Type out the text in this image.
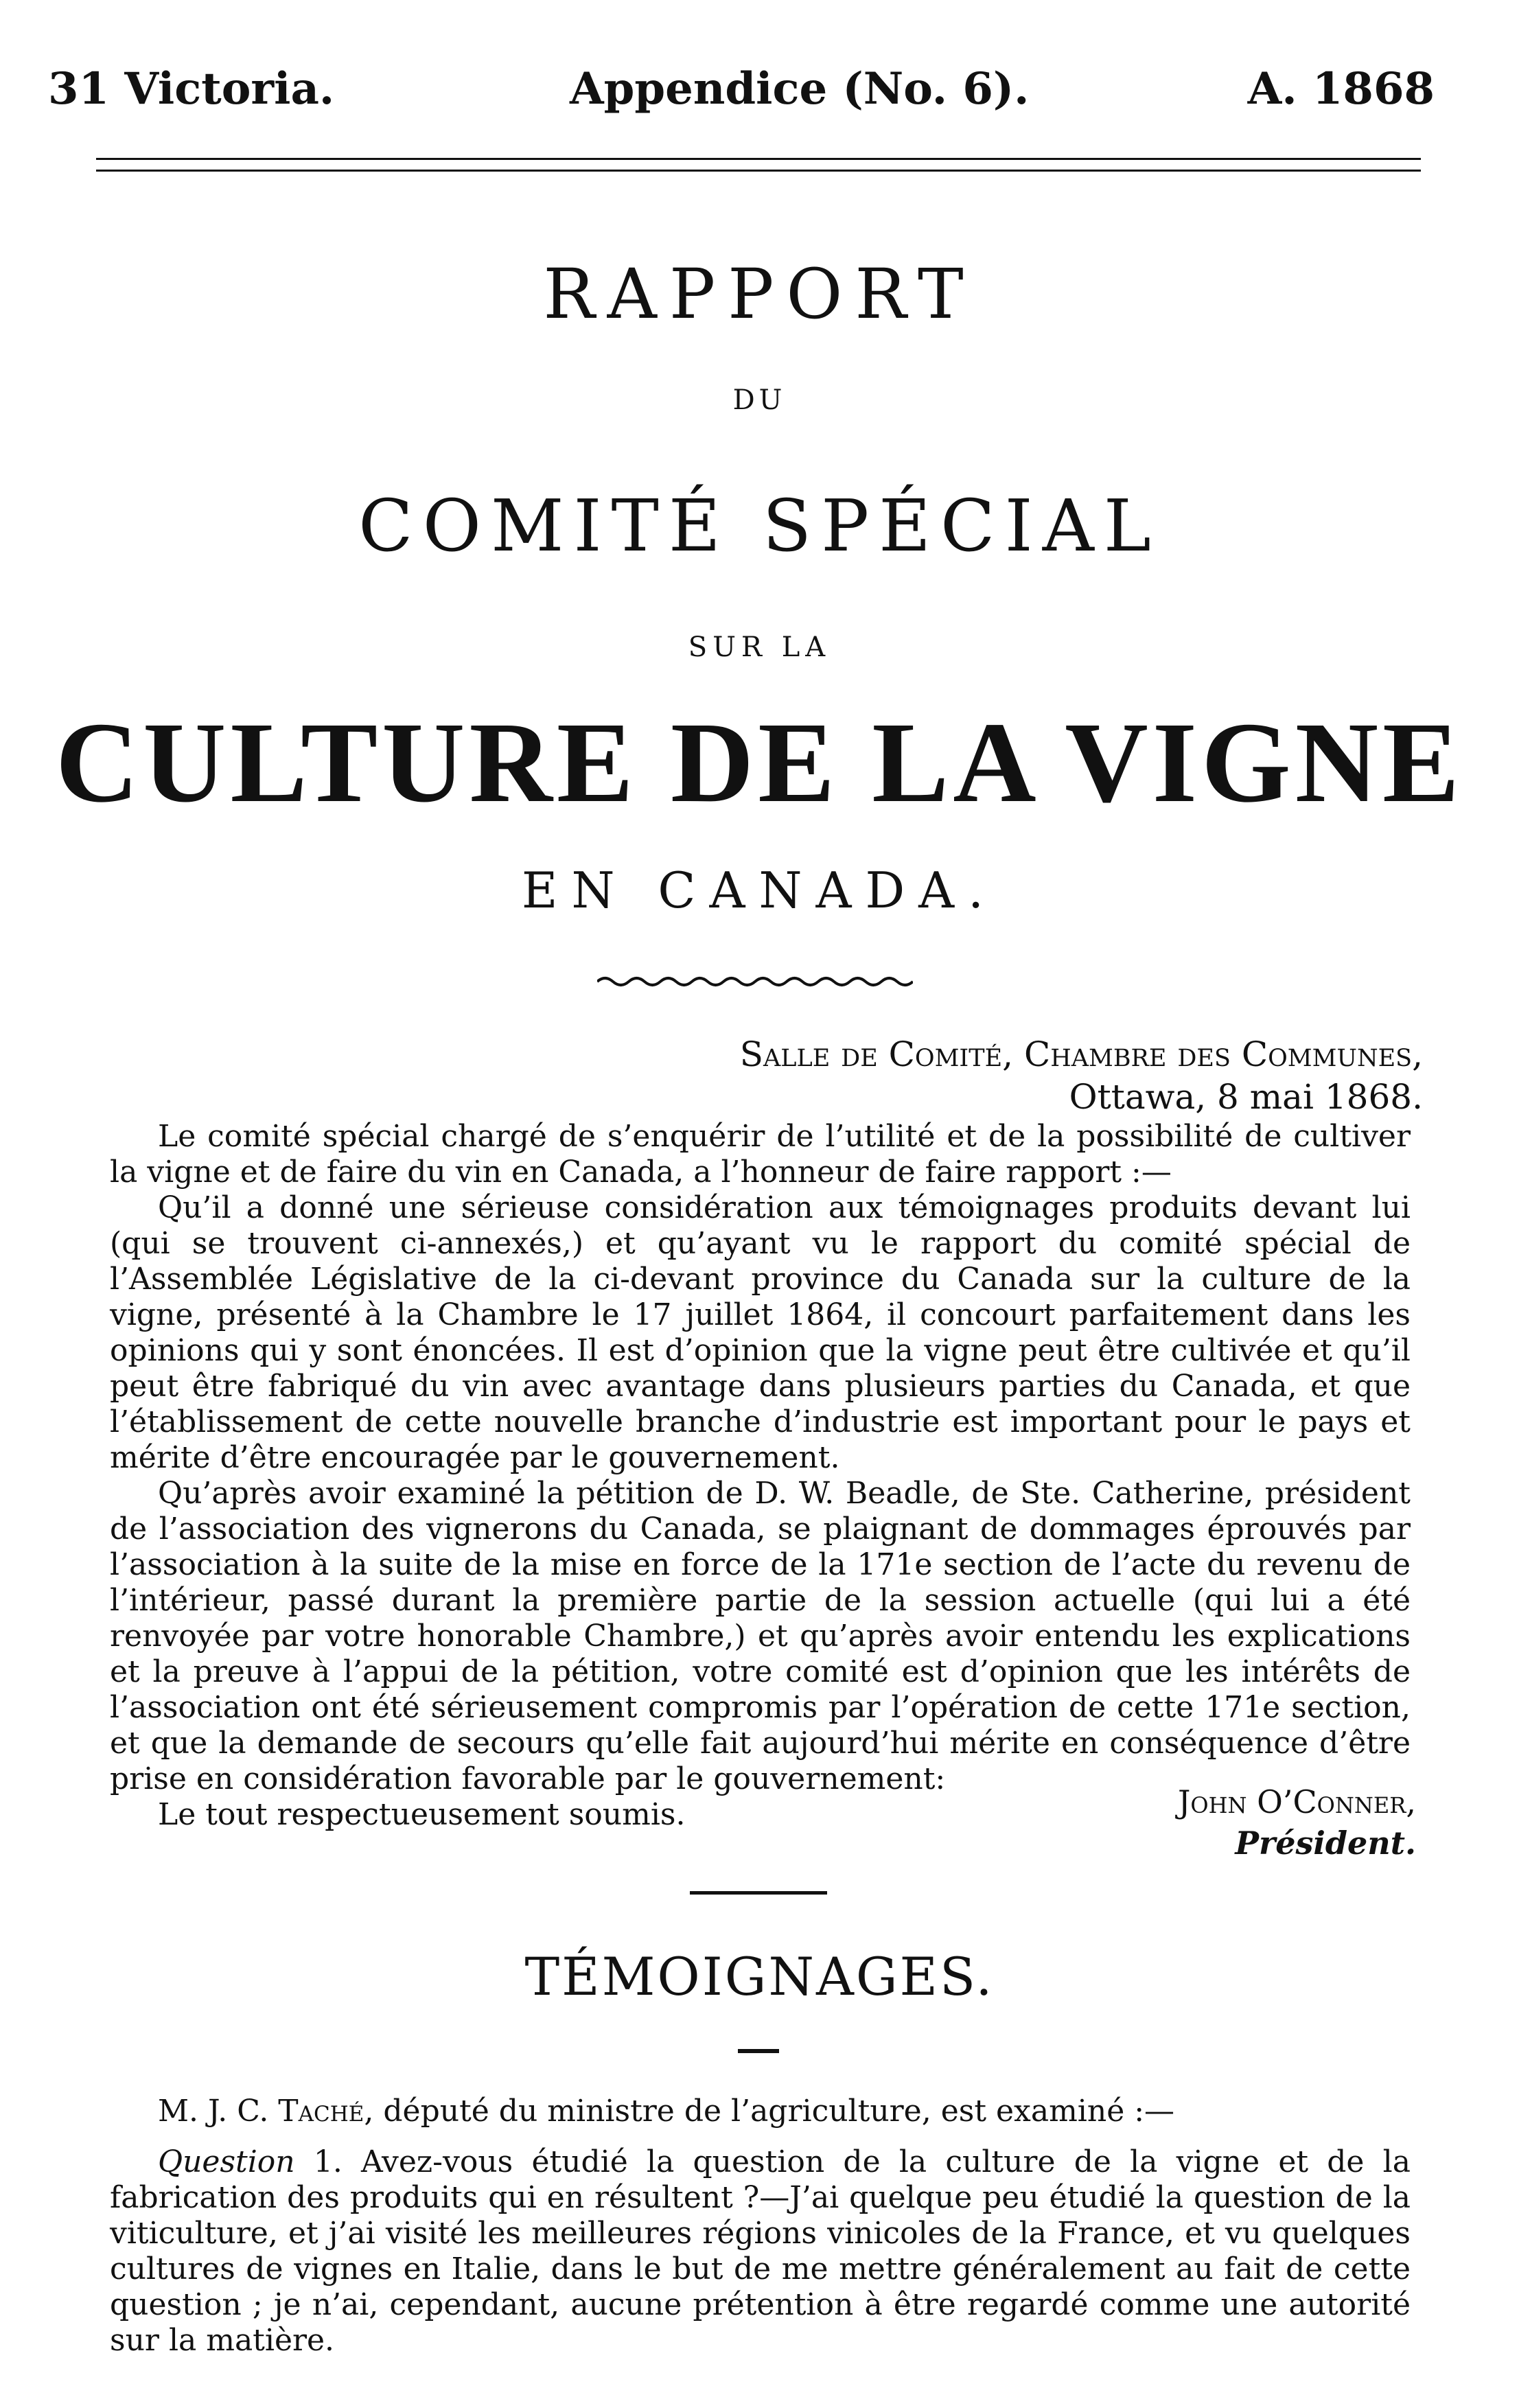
31 Victoria.	Appendice (No. 6).	A. 1868
RAPPORT
DU
COMITÉ SPÉCIAL
SUR LA
CULTURE DE LA VIGNE
EN CANADA.
Salle de Comité, Chambre des Communes,
Ottawa, 8 mai 1868.

Le comité spécial chargé de s’enquérir de l’utilité et de la possibilité de cultiver la vigne et de faire du vin en Canada, a l’honneur de faire rapport :—

Qu’il a donné une sérieuse considération aux témoignages produits devant lui (qui se trouvent ci-annexés,) et qu’ayant vu le rapport du comité spécial de l’Assemblée Législative de la ci-devant province du Canada sur la culture de la vigne, présenté à la Chambre le 17 juillet 1864, il concourt parfaitement dans les opinions qui y sont énoncées. Il est d’opinion que la vigne peut être cultivée et qu’il peut être fabriqué du vin avec avantage dans plusieurs parties du Canada, et que l’établissement de cette nouvelle branche d’industrie est important pour le pays et mérite d’être encouragée par le gouvernement.

Qu’après avoir examiné la pétition de D. W. Beadle, de Ste. Catherine, président de l’association des vignerons du Canada, se plaignant de dommages éprouvés par l’association à la suite de la mise en force de la 171e section de l’acte du revenu de l’intérieur, passé durant la première partie de la session actuelle (qui lui a été renvoyée par votre honorable Chambre,) et qu’après avoir entendu les explications et la preuve à l’appui de la pétition, votre comité est d’opinion que les intérêts de l’association ont été sérieusement compromis par l’opération de cette 171e section, et que la demande de secours qu’elle fait aujourd’hui mérite en conséquence d’être prise en considération favorable par le gouvernement:

Le tout respectueusement soumis.	John O’Conner,
Président.
TÉMOIGNAGES.

M. J. C. Taché, député du ministre de l’agriculture, est examiné :—

Question 1. Avez-vous étudié la question de la culture de la vigne et de la fabrication des produits qui en résultent ?—J’ai quelque peu étudié la question de la viticulture, et j’ai visité les meilleures régions vinicoles de la France, et vu quelques cultures de vignes en Italie, dans le but de me mettre généralement au fait de cette question ; je n’ai, cependant, aucune prétention à être regardé comme une autorité sur la matière.
